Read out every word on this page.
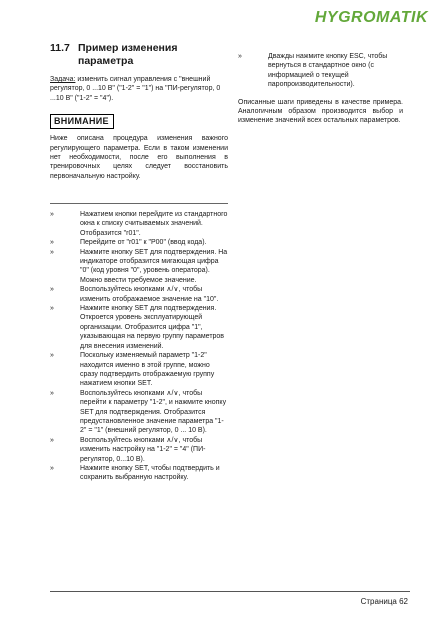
HYGROMATIK
11.7 Пример изменения параметра

Задача: изменить сигнал управления с "внешний регулятор, 0 ...10 В" ("1-2" = "1") на "ПИ-регулятор, 0 ...10 В" ("1-2" = "4").

ВНИМАНИЕ

Ниже описана процедура изменения важного регулирующего параметра. Если в таком изменении нет необходимости, после его выполнения в тренировочных целях следует восстановить первоначальную настройку.

»	Нажатием кнопки перейдите из стандартного окна к списку считываемых значений. Отобразится "r01".
»	Перейдите от "r01" к "P00" (ввод кода).
»	Нажмите кнопку SET для подтверждения. На индикаторе отобразится мигающая цифра "0" (код уровня "0", уровень оператора). Можно ввести требуемое значение.
»	Воспользуйтесь кнопками ∧/∨, чтобы изменить отображаемое значение на "10".
»	Нажмите кнопку SET для подтверждения. Откроется уровень эксплуатирующей организации. Отобразится цифра "1", указывающая на первую группу параметров для внесения изменений.
»	Поскольку изменяемый параметр "1-2" находится именно в этой группе, можно сразу подтвердить отображаемую группу нажатием кнопки SET.
»	Воспользуйтесь кнопками ∧/∨, чтобы перейти к параметру "1-2", и нажмите кнопку SET для подтверждения. Отобразится предустановленное значение параметра "1-2" = "1" (внешний регулятор, 0 ... 10 В).
»	Воспользуйтесь кнопками ∧/∨, чтобы изменить настройку на "1-2" = "4" (ПИ-регулятор, 0...10 В).
»	Нажмите кнопку SET, чтобы подтвердить и сохранить выбранную настройку.
»	Дважды нажмите кнопку ESC, чтобы вернуться в стандартное окно (с информацией о текущей паропроизводительности).

Описанные шаги приведены в качестве примера. Аналогичным образом производится выбор и изменение значений всех остальных параметров.

Страница 62
